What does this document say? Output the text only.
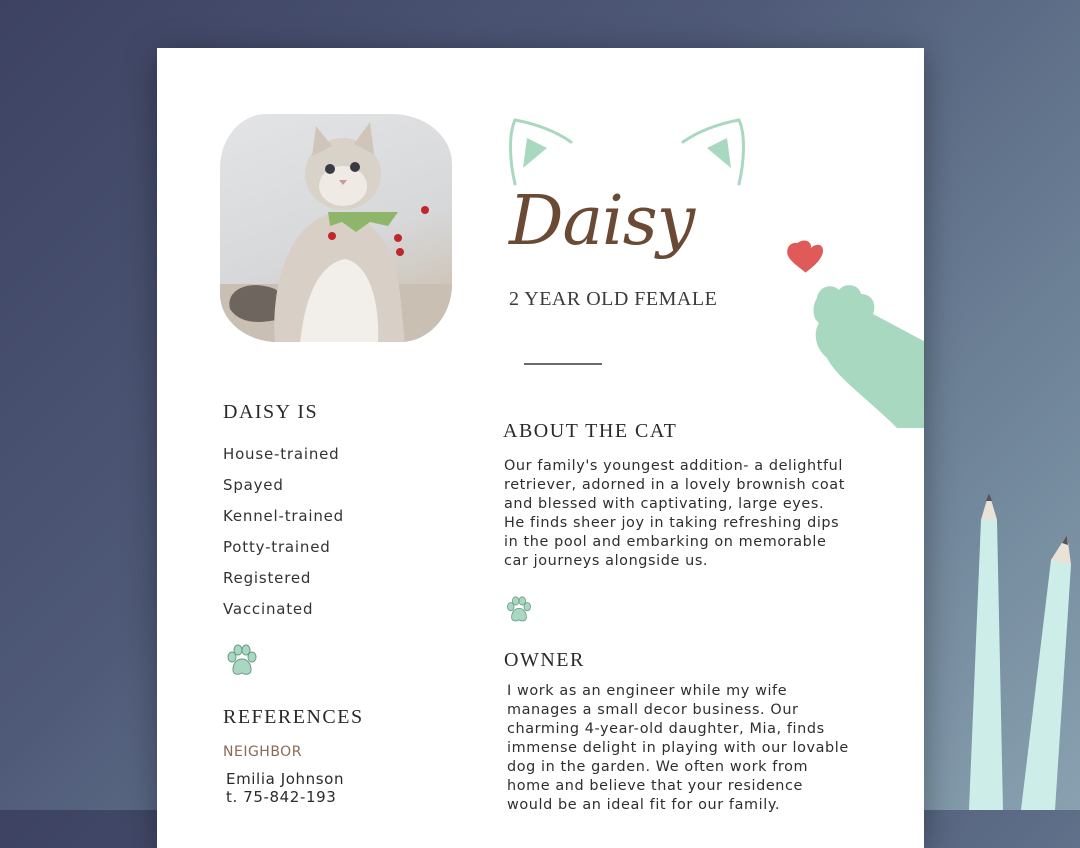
Daisy
2 YEAR OLD FEMALE
DAISY IS
House-trained
Spayed
Kennel-trained
Potty-trained
Registered
Vaccinated
REFERENCES
NEIGHBOR
Emilia Johnson
t. 75-842-193
ABOUT THE CAT

Our family's youngest addition- a delightful
retriever, adorned in a lovely brownish coat
and blessed with captivating, large eyes.
He finds sheer joy in taking refreshing dips
in the pool and embarking on memorable
car journeys alongside us.

OWNER

I work as an engineer while my wife
manages a small decor business. Our
charming 4-year-old daughter, Mia, finds
immense delight in playing with our lovable
dog in the garden. We often work from
home and believe that your residence
would be an ideal fit for our family.
